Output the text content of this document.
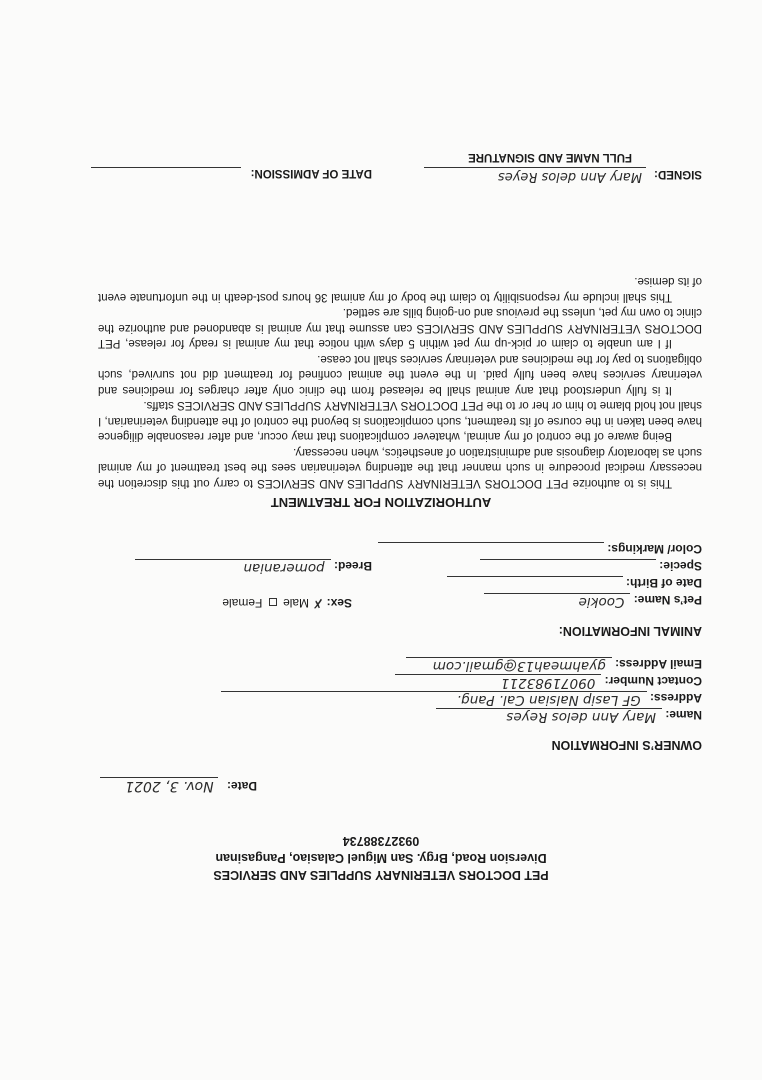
PET DOCTORS VETERINARY SUPPLIES AND SERVICES
Diversion Road, Brgy. San Miguel Calasiao, Pangasinan
09327388734
Date: Nov. 3, 2021
OWNER’S INFORMATION
Name: Mary Ann delos Reyes
Address: GF Lasip Nalsian Cal. Pang.
Contact Number: 09071983211
Email Address: gyahmeah13@gmail.com
ANIMAL INFORMATION:
Pet’s Name: Cookie
Sex: ✗ Male  Female
Date of Birth:
Specie:
Breed: pomeranian
Color/ Markings:
AUTHORIZATION FOR TREATMENT

This is to authorize PET DOCTORS VETERINARY SUPPLIES AND SERVICES to carry out this discretion the necessary medical procedure in such manner that the attending veterinarian sees the best treatment of my animal such as laboratory diagnosis and administration of anesthetics, when necessary.

Being aware of the control of my animal, whatever complications that may occur, and after reasonable diligence have been taken in the course of its treatment, such complications is beyond the control of the attending veterinarian, I shall not hold blame to him or her or to the PET DOCTORS VETERINARY SUPPLIES AND SERVICES staffs.

It is fully understood that any animal shall be released from the clinic only after charges for medicines and veterinary services have been fully paid. In the event the animal confined for treatment did not survived, such obligations to pay for the medicines and veterinary services shall not cease.

If I am unable to claim or pick-up my pet within 5 days with notice that my animal is ready for release, PET DOCTORS VETERINARY SUPPLIES AND SERVICES can assume that my animal is abandoned and authorize the clinic to own my pet, unless the previous and on-going bills are settled.

This shall include my responsibility to claim the body of my animal 36 hours post-death in the unfortunate event of its demise.

SIGNED:
Mary Ann delos Reyes
FULL NAME AND SIGNATURE
DATE OF ADMISSION:
